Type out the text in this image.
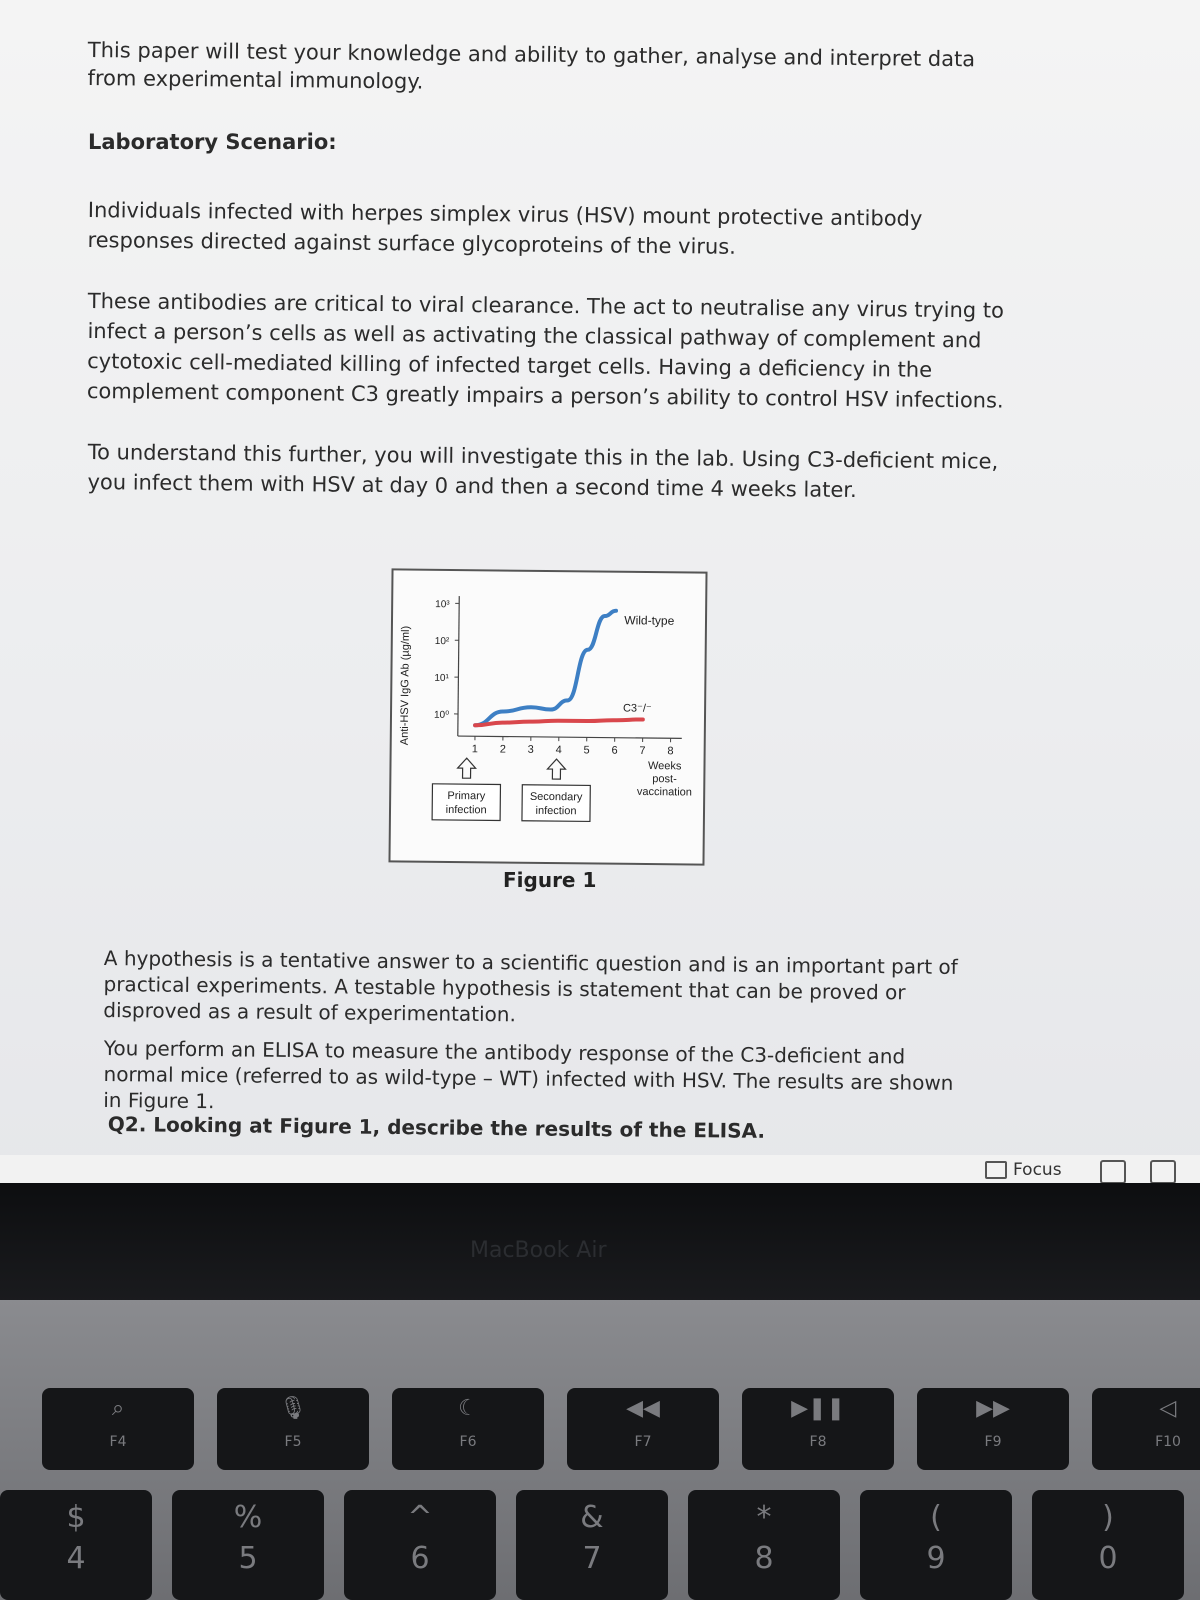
This paper will test your knowledge and ability to gather, analyse and interpret data from experimental immunology.
Laboratory Scenario:
Individuals infected with herpes simplex virus (HSV) mount protective antibody responses directed against surface glycoproteins of the virus.
These antibodies are critical to viral clearance. The act to neutralise any virus trying to infect a person’s cells as well as activating the classical pathway of complement and cytotoxic cell-mediated killing of infected target cells. Having a deficiency in the complement component C3 greatly impairs a person’s ability to control HSV infections.
To understand this further, you will investigate this in the lab. Using C3-deficient mice, you infect them with HSV at day 0 and then a second time 4 weeks later.
Anti-HSV IgG Ab (µg/ml) 10⁰
10¹
10²
10³
1 2 3 4 5 6 7 8
Weeks
post-
vaccination
Wild-type
C3⁻/⁻
Primary
infection
Secondary
infection
Figure 1
A hypothesis is a tentative answer to a scientific question and is an important part of practical experiments. A testable hypothesis is statement that can be proved or disproved as a result of experimentation.
You perform an ELISA to measure the antibody response of the C3-deficient and normal mice (referred to as wild-type – WT) infected with HSV. The results are shown in Figure 1.
Q2. Looking at Figure 1, describe the results of the ELISA.
Focus
MacBook Air
⌕
F4
🎙
F5
☾
F6
◀◀
F7
▶❚❚
F8
▶▶
F9
◁
F10
$
4
%
5
^
6
&
7
*
8
(
9
)
0
